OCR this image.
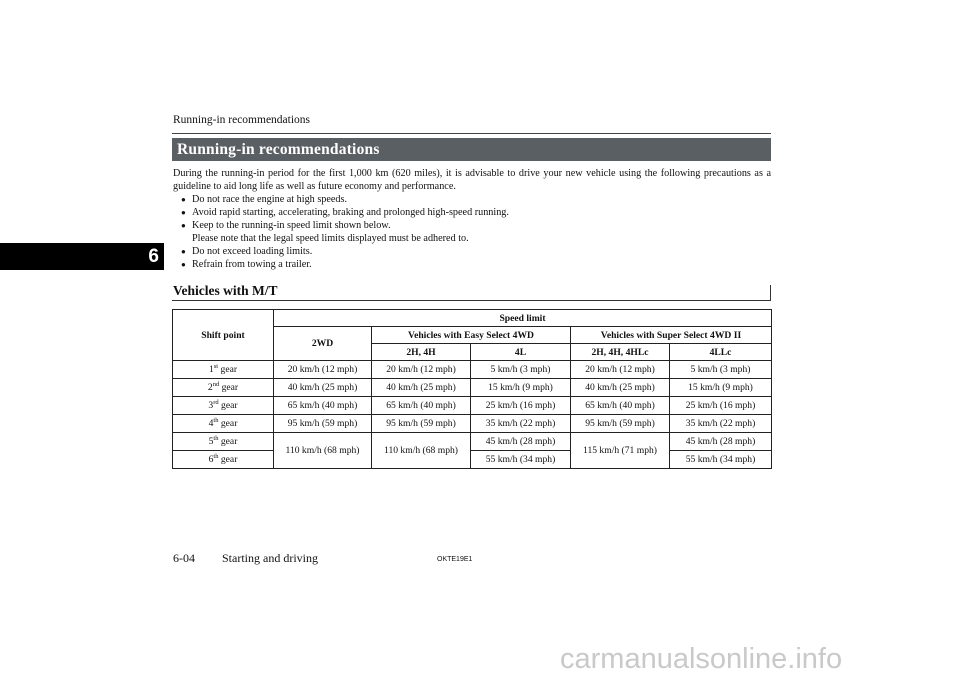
Running-in recommendations
6
Running-in recommendations
During the running-in period for the first 1,000 km (620 miles), it is advisable to drive your new vehicle using the following precautions as a guideline to aid long life as well as future economy and performance.
● Do not race the engine at high speeds.
● Avoid rapid starting, accelerating, braking and prolonged high-speed running.
● Keep to the running-in speed limit shown below.
Please note that the legal speed limits displayed must be adhered to.
● Do not exceed loading limits.
● Refrain from towing a trailer.
Vehicles with M/T
Shift point	Speed limit				
	2WD	Vehicles with Easy Select 4WD		Vehicles with Super Select 4WD II	
		2H, 4H	4L	2H, 4H, 4HLc	4LLc
1st gear	20 km/h (12 mph)	20 km/h (12 mph)	5 km/h (3 mph)	20 km/h (12 mph)	5 km/h (3 mph)
2nd gear	40 km/h (25 mph)	40 km/h (25 mph)	15 km/h (9 mph)	40 km/h (25 mph)	15 km/h (9 mph)
3rd gear	65 km/h (40 mph)	65 km/h (40 mph)	25 km/h (16 mph)	65 km/h (40 mph)	25 km/h (16 mph)
4th gear	95 km/h (59 mph)	95 km/h (59 mph)	35 km/h (22 mph)	95 km/h (59 mph)	35 km/h (22 mph)
5th gear	110 km/h (68 mph)	110 km/h (68 mph)	45 km/h (28 mph)	115 km/h (71 mph)	45 km/h (28 mph)
6th gear			55 km/h (34 mph)		55 km/h (34 mph)
6-04 Starting and driving	OKTE19E1
carmanualsonline.info
